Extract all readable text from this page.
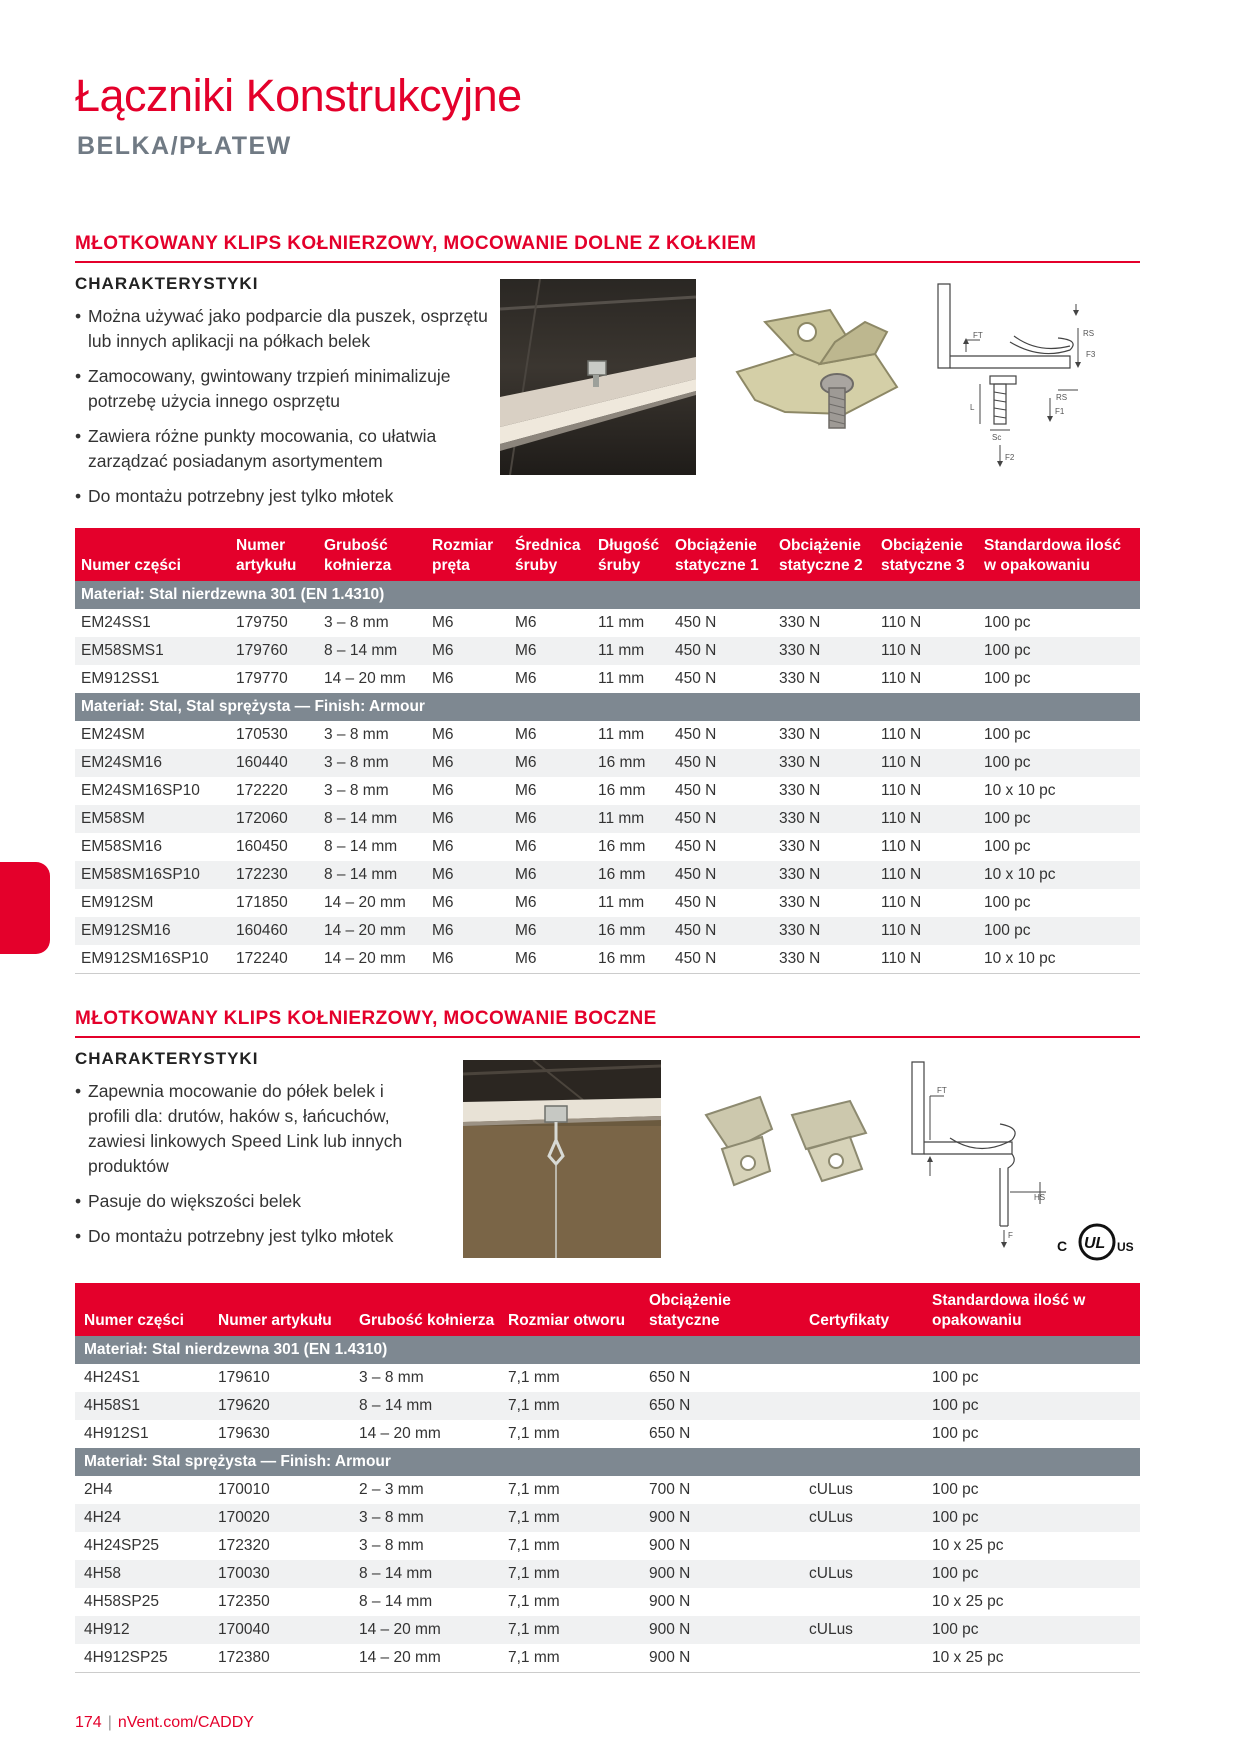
Łączniki Konstrukcyjne
BELKA/PŁATEW
MŁOTKOWANY KLIPS KOŁNIERZOWY, MOCOWANIE DOLNE Z KOŁKIEM
CHARAKTERYSTYKI
• Można używać jako podparcie dla puszek, osprzętu lub innych aplikacji na półkach belek
• Zamocowany, gwintowany trzpień minimalizuje potrzebę użycia innego osprzętu
• Zawiera różne punkty mocowania, co ułatwia zarządzać posiadanym asortymentem
• Do montażu potrzebny jest tylko młotek
FT	RS
F3
RS
F1
L
Sc
F2
Numer części	Numer artykułu	Grubość kołnierza	Rozmiar pręta	Średnica śruby	Długość śruby	Obciążenie statyczne 1	Obciążenie statyczne 2	Obciążenie statyczne 3	Standardowa ilość w opakowaniu
Materiał: Stal nierdzewna 301 (EN 1.4310)									
EM24SS1	179750	3 – 8 mm	M6	M6	11 mm	450 N	330 N	110 N	100 pc
EM58SMS1	179760	8 – 14 mm	M6	M6	11 mm	450 N	330 N	110 N	100 pc
EM912SS1	179770	14 – 20 mm	M6	M6	11 mm	450 N	330 N	110 N	100 pc
Materiał: Stal, Stal sprężysta — Finish: Armour									
EM24SM	170530	3 – 8 mm	M6	M6	11 mm	450 N	330 N	110 N	100 pc
EM24SM16	160440	3 – 8 mm	M6	M6	16 mm	450 N	330 N	110 N	100 pc
EM24SM16SP10	172220	3 – 8 mm	M6	M6	16 mm	450 N	330 N	110 N	10 x 10 pc
EM58SM	172060	8 – 14 mm	M6	M6	11 mm	450 N	330 N	110 N	100 pc
EM58SM16	160450	8 – 14 mm	M6	M6	16 mm	450 N	330 N	110 N	100 pc
EM58SM16SP10	172230	8 – 14 mm	M6	M6	16 mm	450 N	330 N	110 N	10 x 10 pc
EM912SM	171850	14 – 20 mm	M6	M6	11 mm	450 N	330 N	110 N	100 pc
EM912SM16	160460	14 – 20 mm	M6	M6	16 mm	450 N	330 N	110 N	100 pc
EM912SM16SP10	172240	14 – 20 mm	M6	M6	16 mm	450 N	330 N	110 N	10 x 10 pc
MŁOTKOWANY KLIPS KOŁNIERZOWY, MOCOWANIE BOCZNE
CHARAKTERYSTYKI
• Zapewnia mocowanie do półek belek i profili dla: drutów, haków s, łańcuchów, zawiesi linkowych Speed Link lub innych produktów
• Pasuje do większości belek
• Do montażu potrzebny jest tylko młotek
FT
HS
F
C UL US
Numer części	Numer artykułu	Grubość kołnierza	Rozmiar otworu	Obciążenie statyczne	Certyfikaty	Standardowa ilość w opakowaniu
Materiał: Stal nierdzewna 301 (EN 1.4310)						
4H24S1	179610	3 – 8 mm	7,1 mm	650 N		100 pc
4H58S1	179620	8 – 14 mm	7,1 mm	650 N		100 pc
4H912S1	179630	14 – 20 mm	7,1 mm	650 N		100 pc
Materiał: Stal sprężysta — Finish: Armour						
2H4	170010	2 – 3 mm	7,1 mm	700 N	cULus	100 pc
4H24	170020	3 – 8 mm	7,1 mm	900 N	cULus	100 pc
4H24SP25	172320	3 – 8 mm	7,1 mm	900 N		10 x 25 pc
4H58	170030	8 – 14 mm	7,1 mm	900 N	cULus	100 pc
4H58SP25	172350	8 – 14 mm	7,1 mm	900 N		10 x 25 pc
4H912	170040	14 – 20 mm	7,1 mm	900 N	cULus	100 pc
4H912SP25	172380	14 – 20 mm	7,1 mm	900 N		10 x 25 pc
174 | nVent.com/CADDY
